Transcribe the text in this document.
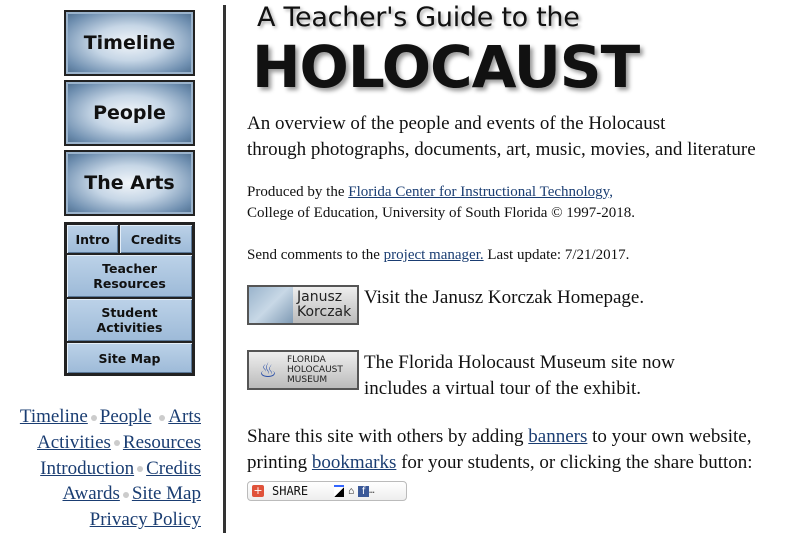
Timeline
People
The Arts
Intro	Credits
Teacher Resources
Student Activities
Site Map
Timeline People Arts
Activities Resources
Introduction Credits
Awards Site Map
Privacy Policy
A Teacher's Guide to the
HOLOCAUST
An overview of the people and events of the Holocaust
through photographs, documents, art, music, movies, and literature
Produced by the Florida Center for Instructional Technology,
College of Education, University of South Florida © 1997-2018.
Send comments to the project manager. Last update: 7/21/2017.
Janusz
Korczak
Visit the Janusz Korczak Homepage.
♨	FLORIDA
HOLOCAUST
MUSEUM
The Florida Holocaust Museum site now
includes a virtual tour of the exhibit.
Share this site with others by adding banners to your own website,
printing bookmarks for your students, or clicking the share button:
+ SHARE	⌂ f …
